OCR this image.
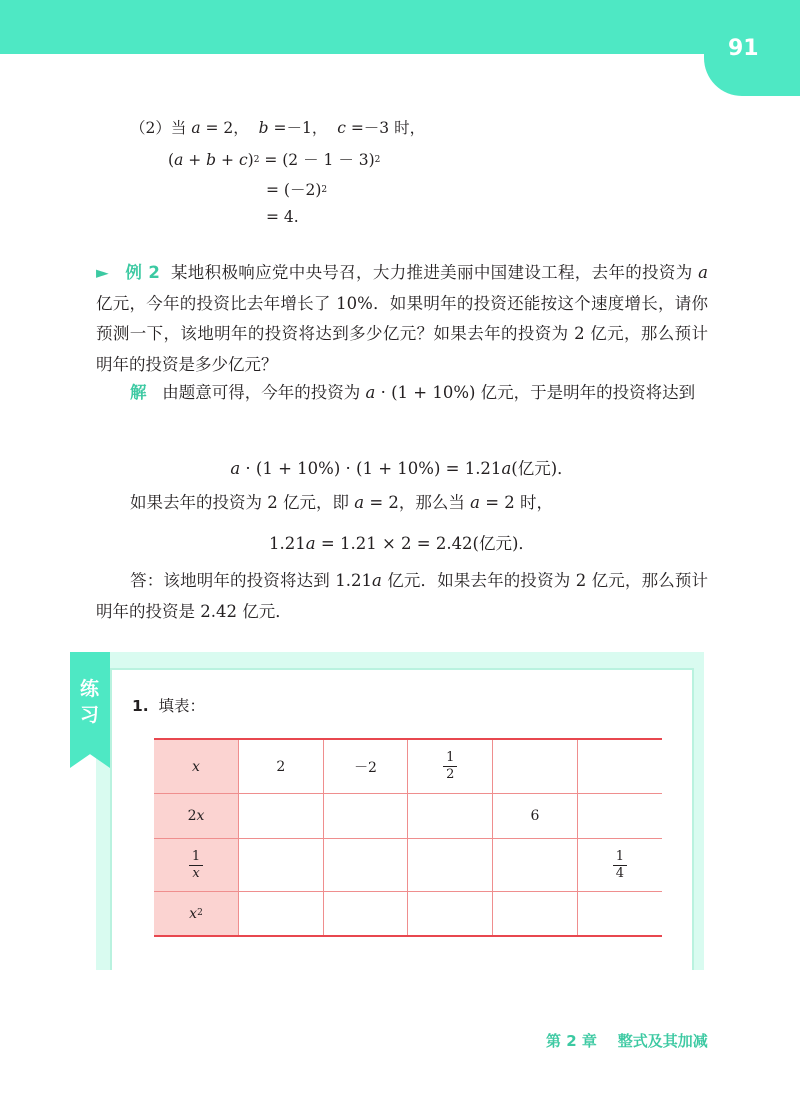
91
（2）当 a = 2， b =－1， c =－3 时，
$(a + b + c)^2 = (2 - 1 - 3)^2$
= $(-2)^2$
= 4.
► 例 2 某地积极响应党中央号召，大力推进美丽中国建设工程，去年的投资为 a 亿元，今年的投资比去年增长了 10%．如果明年的投资还能按这个速度增长，请你预测一下，该地明年的投资将达到多少亿元？如果去年的投资为 2 亿元，那么预计明年的投资是多少亿元？
解 由题意可得，今年的投资为 a · (1 + 10%) 亿元，于是明年的投资将达到
a · (1 + 10%) · (1 + 10%) = 1.21a(亿元)．
如果去年的投资为 2 亿元，即 a = 2，那么当 a = 2 时，
1.21a = 1.21 × 2 = 2.42(亿元)．
答：该地明年的投资将达到 1.21a 亿元．如果去年的投资为 2 亿元，那么预计明年的投资是 2.42 亿元．
练
习 1. 填表：
x	2	－2	$\frac{1}{2}$

2x				6	

$\frac{1}{x}$					$\frac{1}{4}$

$x^2$					
第 2 章 整式及其加减
